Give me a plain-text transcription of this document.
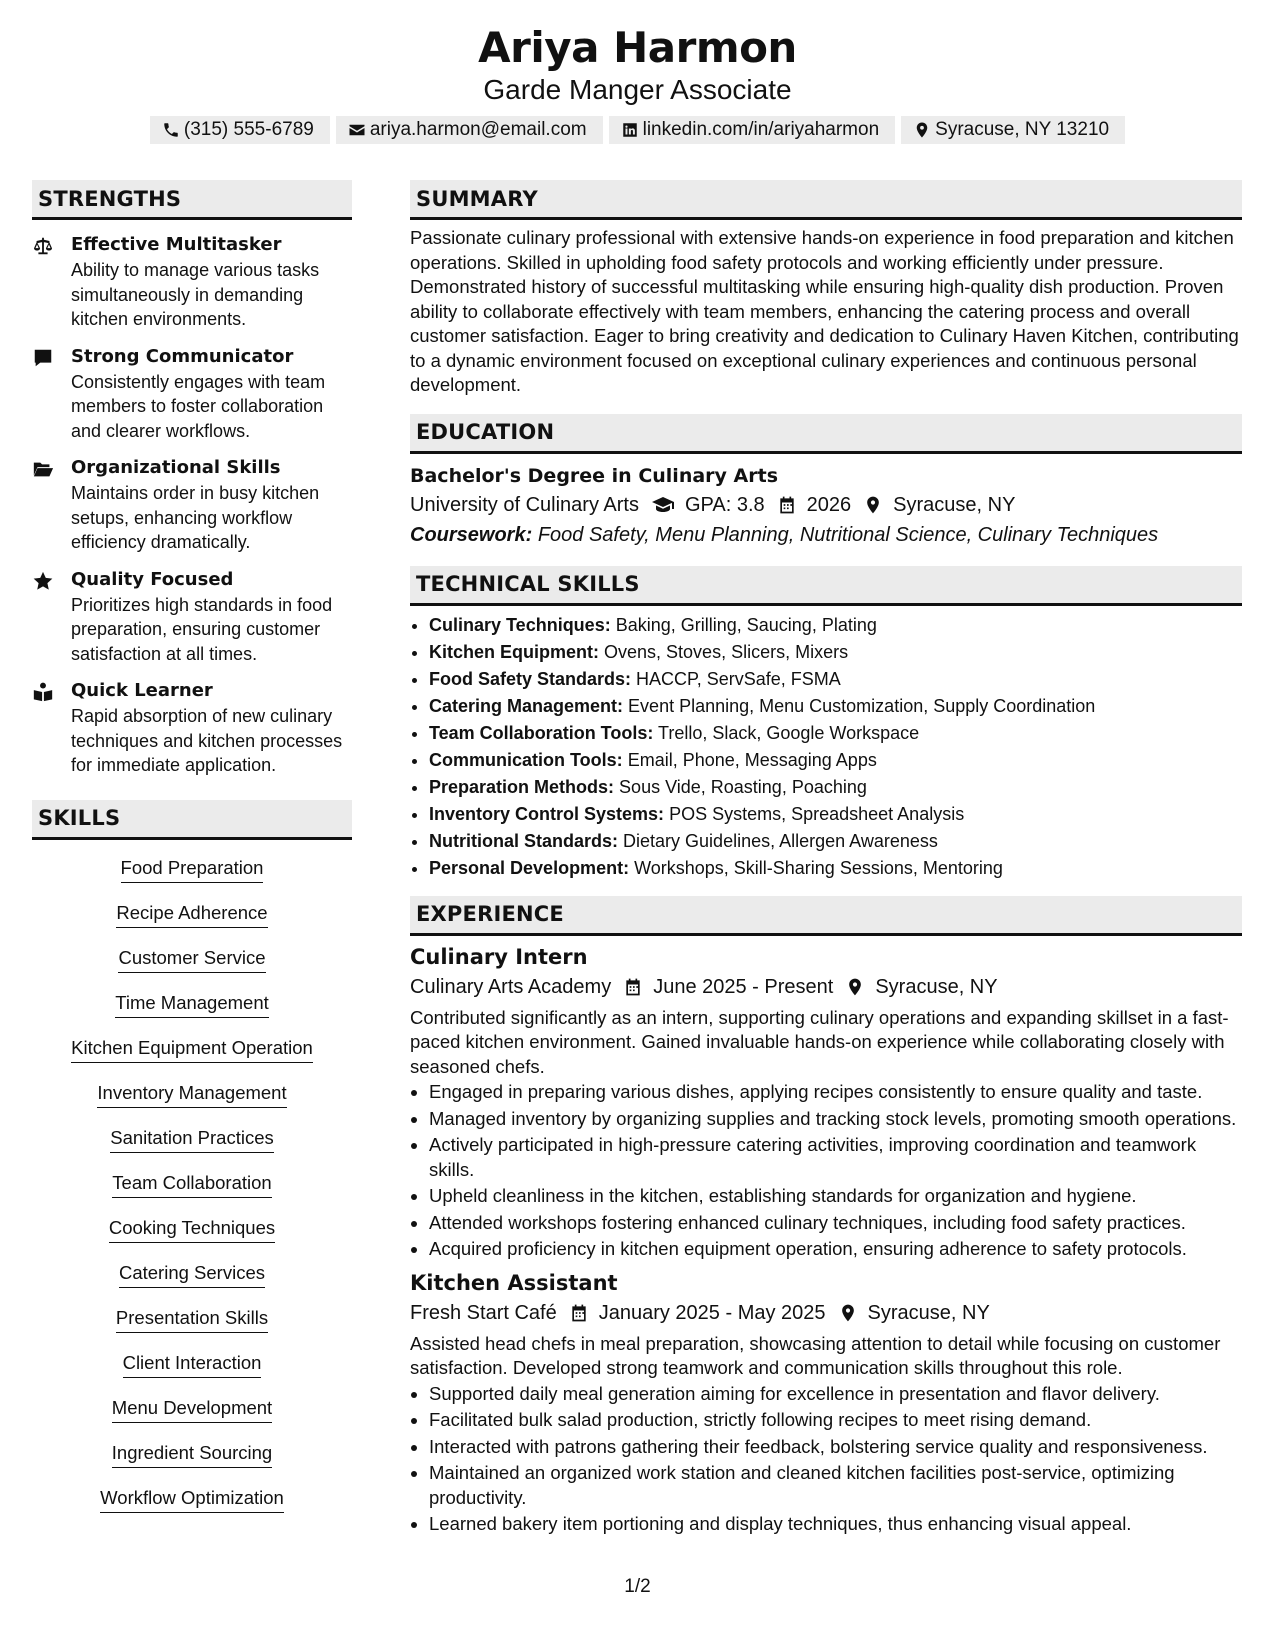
Ariya Harmon
Garde Manger Associate
(315) 555-6789	ariya.harmon@email.com	linkedin.com/in/ariyaharmon	Syracuse, NY 13210
STRENGTHS
Effective Multitasker
Ability to manage various tasks simultaneously in demanding kitchen environments.
Strong Communicator
Consistently engages with team members to foster collaboration and clearer workflows.
Organizational Skills
Maintains order in busy kitchen setups, enhancing workflow efficiency dramatically.
Quality Focused
Prioritizes high standards in food preparation, ensuring customer satisfaction at all times.
Quick Learner
Rapid absorption of new culinary techniques and kitchen processes for immediate application.
SKILLS
Food Preparation
Recipe Adherence
Customer Service
Time Management
Kitchen Equipment Operation
Inventory Management
Sanitation Practices
Team Collaboration
Cooking Techniques
Catering Services
Presentation Skills
Client Interaction
Menu Development
Ingredient Sourcing
Workflow Optimization
SUMMARY
Passionate culinary professional with extensive hands-on experience in food preparation and kitchen operations. Skilled in upholding food safety protocols and working efficiently under pressure. Demonstrated history of successful multitasking while ensuring high-quality dish production. Proven ability to collaborate effectively with team members, enhancing the catering process and overall customer satisfaction. Eager to bring creativity and dedication to Culinary Haven Kitchen, contributing to a dynamic environment focused on exceptional culinary experiences and continuous personal development.
EDUCATION
Bachelor's Degree in Culinary Arts
University of Culinary Arts GPA: 3.8 2026 Syracuse, NY
Coursework: Food Safety, Menu Planning, Nutritional Science, Culinary Techniques
TECHNICAL SKILLS
• Culinary Techniques: Baking, Grilling, Saucing, Plating
• Kitchen Equipment: Ovens, Stoves, Slicers, Mixers
• Food Safety Standards: HACCP, ServSafe, FSMA
• Catering Management: Event Planning, Menu Customization, Supply Coordination
• Team Collaboration Tools: Trello, Slack, Google Workspace
• Communication Tools: Email, Phone, Messaging Apps
• Preparation Methods: Sous Vide, Roasting, Poaching
• Inventory Control Systems: POS Systems, Spreadsheet Analysis
• Nutritional Standards: Dietary Guidelines, Allergen Awareness
• Personal Development: Workshops, Skill-Sharing Sessions, Mentoring
EXPERIENCE
Culinary Intern
Culinary Arts Academy June 2025 - Present Syracuse, NY
Contributed significantly as an intern, supporting culinary operations and expanding skillset in a fast-paced kitchen environment. Gained invaluable hands-on experience while collaborating closely with seasoned chefs.
• Engaged in preparing various dishes, applying recipes consistently to ensure quality and taste.
• Managed inventory by organizing supplies and tracking stock levels, promoting smooth operations.
• Actively participated in high-pressure catering activities, improving coordination and teamwork skills.
• Upheld cleanliness in the kitchen, establishing standards for organization and hygiene.
• Attended workshops fostering enhanced culinary techniques, including food safety practices.
• Acquired proficiency in kitchen equipment operation, ensuring adherence to safety protocols.
Kitchen Assistant
Fresh Start Café January 2025 - May 2025 Syracuse, NY
Assisted head chefs in meal preparation, showcasing attention to detail while focusing on customer satisfaction. Developed strong teamwork and communication skills throughout this role.
• Supported daily meal generation aiming for excellence in presentation and flavor delivery.
• Facilitated bulk salad production, strictly following recipes to meet rising demand.
• Interacted with patrons gathering their feedback, bolstering service quality and responsiveness.
• Maintained an organized work station and cleaned kitchen facilities post-service, optimizing productivity.
• Learned bakery item portioning and display techniques, thus enhancing visual appeal.
1/2
